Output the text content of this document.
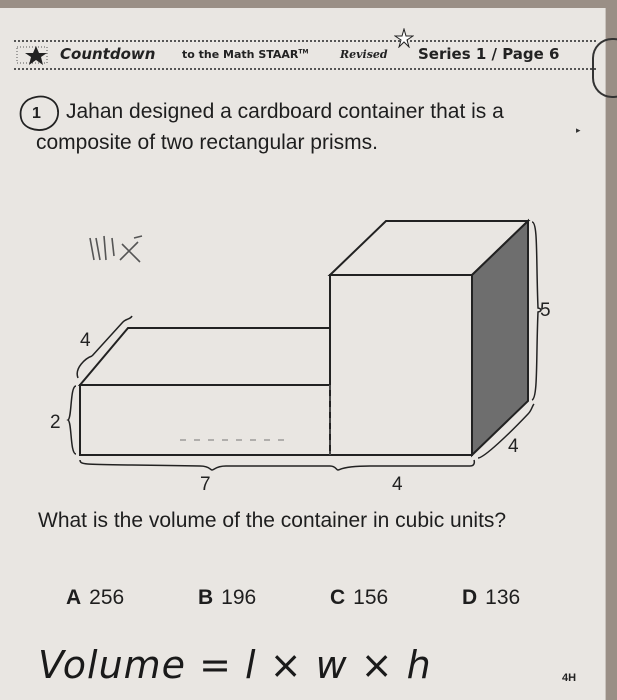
Countdown to the Math STAAR™	Revised Series 1 / Page 6
1	Jahan designed a cardboard container that is a composite of two rectangular prisms.
▸
4
2
7	4
5
4
What is the volume of the container in cubic units?
A 256	B 196	C 156	D 136
Volume = l × w × h	4H
